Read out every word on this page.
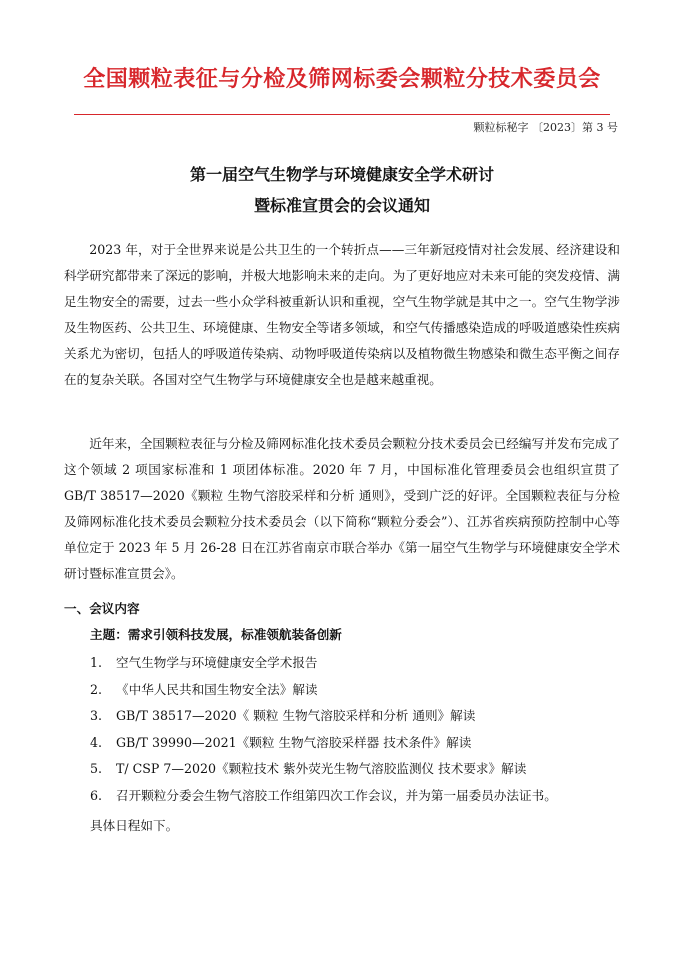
全国颗粒表征与分检及筛网标委会颗粒分技术委员会
颗粒标秘字 〔2023〕第 3 号
第一届空气生物学与环境健康安全学术研讨
暨标准宣贯会的会议通知
2023 年，对于全世界来说是公共卫生的一个转折点——三年新冠疫情对社会发展、经济建设和科学研究都带来了深远的影响，并极大地影响未来的走向。为了更好地应对未来可能的突发疫情、满足生物安全的需要，过去一些小众学科被重新认识和重视，空气生物学就是其中之一。空气生物学涉及生物医药、公共卫生、环境健康、生物安全等诸多领域，和空气传播感染造成的呼吸道感染性疾病关系尤为密切，包括人的呼吸道传染病、动物呼吸道传染病以及植物微生物感染和微生态平衡之间存在的复杂关联。各国对空气生物学与环境健康安全也是越来越重视。
近年来，全国颗粒表征与分检及筛网标准化技术委员会颗粒分技术委员会已经编写并发布完成了这个领域 2 项国家标准和 1 项团体标准。2020 年 7 月，中国标准化管理委员会也组织宣贯了 GB/T 38517—2020《颗粒 生物气溶胶采样和分析 通则》，受到广泛的好评。全国颗粒表征与分检及筛网标准化技术委员会颗粒分技术委员会（以下简称“颗粒分委会”）、江苏省疾病预防控制中心等单位定于 2023 年 5 月 26-28 日在江苏省南京市联合举办《第一届空气生物学与环境健康安全学术研讨暨标准宣贯会》。
一、会议内容
主题：需求引领科技发展，标准领航装备创新
1. 空气生物学与环境健康安全学术报告
2. 《中华人民共和国生物安全法》解读
3. GB/T 38517—2020《 颗粒 生物气溶胶采样和分析 通则》解读
4. GB/T 39990—2021《颗粒 生物气溶胶采样器 技术条件》解读
5. T/ CSP 7—2020《颗粒技术 紫外荧光生物气溶胶监测仪 技术要求》解读
6. 召开颗粒分委会生物气溶胶工作组第四次工作会议，并为第一届委员办法证书。
具体日程如下。
